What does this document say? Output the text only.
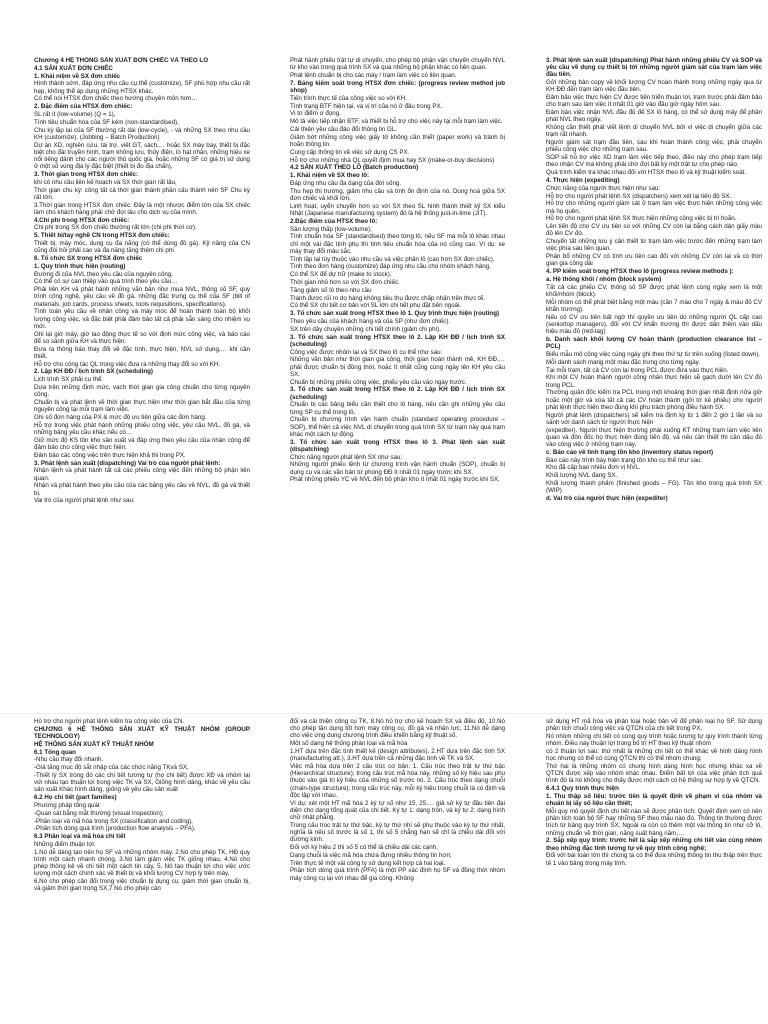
Chương 4 HỆ THỐNG SẢN XUẤT ĐƠN CHIẾC VÀ THEO LÔ

4.1 SẢN XUẤT ĐƠN CHIẾC

1. Khái niệm về SX đơn chiếc

Hình thành sớm, đáp ứng nhu cầu cụ thể (customize), SF phù hợp nhu cầu rất hẹp, không thể áp dụng những HTSX khác.

Có thể nói HTSX đơn chiếc theo hướng chuyên môn hơn…

2. Đặc điểm của HTSX đơn chiếc:

SL rất ít (low-volume) (Q = 1),

Tính tiêu chuẩn hóa của SF kém (non-standardised),

Chu kỳ lặp lại của SF thường rất dài (low-cycle), - và những SX theo nhu cầu KH (customize). (Jobbing – Batch Production)

Dự án XD, nghiên cứu, tài trợ, viết GT, sách,… hoặc SX máy bay, thiết bị đặc biệt cho đài truyền hình, trạm không lưu, thủy điện, lò hạt nhân, những hiệu xe nổi tiếng dành cho các người thủ quốc gia, hoặc những SF có giá trị sử dụng ở một số vùng địa lý đặc biệt (thiết bị đo địa chấn),

3. Thời gian trong HTSX đơn chiếc:

khi có nhu cầu liên kế hoạch và SX thời gian rất lâu,

Thời gian chu kỳ: công tất cả thời gian thành phần cấu thành nên SF Chu kỳ rất lớn.

3.Thời gian trong HTSX đơn chiếc: Đây là một nhược điểm lớn của SX chiếc làm cho khách hàng phải chờ đợi lâu cho dịch vụ của mình.

4.Chi phí trong HTSX đơn chiếc:

Chi phí trong SX đơn chiếc thường rất lớn (chi phí thời cơ).

5. Thiết bị/tay nghề CN trong HTSX đơn chiếc:

Thiết bị, máy móc, dụng cụ đa năng (có thể dùng đồ gá). Kỹ năng của CN cũng đòi hỏi phải cao và đa năng tăng thêm chi phí.

6. Tổ chức SX trong HTSX đơn chiếc

1. Quy trình thực hiện (routing)

Đường đi của NVL theo yêu cầu của nguyên công.

Có thể có sự can thiệp vào quá trình theo yêu cầu…

Phải liên KH và phát hành những văn bản như mua NVL, thông số SF, quy trình công nghệ, yêu cầu về đồ gá, những đặc trưng cụ thể của SF (bill of materials, job cards, process sheets, tools requisitions, specifications).

Tính toán yêu cầu về nhân công và máy móc để hoàn thành toàn bộ khối lượng công việc, và đặc biệt phải đảm bảo tất cả phải sẵn sàng cho nhiệm vụ mới.

Ghi lại giờ máy, giờ lao động thực tế so với định mức công việc, và báo cáo để so sánh giữa KH và thực hiện.

Đưa ra thông báo thay đổi về đặc tính, thực hiện, NVL sử dụng,… khi cần thiết.

Hỗ trợ cho công tác QL trong việc đưa ra những thay đổi so với KH.

2. Lập KH ĐĐ / lịch trình SX (scheduling)

Lịch trình SX phải cụ thể.

Dựa trên những định mức, vạch thời gian gia công chuẩn cho từng nguyên công.

Chuẩn bị và phát lệnh về thời gian thực hiện như thời gian bắt đầu của từng nguyên công tại mỗi trạm làm việc.

Ghi số đơn hàng của PX & mức độ ưu tiên giữa các đơn hàng.

Hỗ trợ trong việc phát hành những phiếu công việc, yêu cầu NVL, đồ gá, và những bảng yêu cầu khác nếu có…

Giữ mức độ KS tồn kho sản xuất và đáp ứng theo yêu cầu của nhân công để đảm bảo cho công việc thực hiện.

Đảm bảo các công việc trên thực hiện khả thi trong PX.

3. Phát lệnh sản xuất (dispatching) Vai trò của người phát lệnh:

Nhận lệnh và phát hành tất cả các phiếu công việc đến những bộ phận liên quan.

Nhận và phát hành theo yêu cầu của các bảng yêu cầu về NVL, đồ gá và thiết bị.

Vai trò của người phát lệnh như sau:

Phát hành phiếu trật tự di chuyển, cho phép bộ phận vận chuyển chuyển NVL từ kho vào trong quá trình SX và qua những bộ phận khác có liên quan.

Phát lệnh chuẩn bị cho các máy / trạm làm việc có liên quan.

7. Bảng kiểm soát trong HTSX đơn chiếc: (progress review method job shop)

Tiến trình thực tế của công việc so với KH.

Tính trạng BTF hiện tại, và vị trí của nó ở đâu trong PX.

Vị trí điểm ứ đọng.

Mô tả việc tiếp nhận BTF, và thiết bị hỗ trợ cho việc này tại mỗi trạm làm việc.

Cải thiện yêu cầu đáo đổi thông tin GL.

Giảm bớt những công việc giấy tờ không cần thiết (paper work) và tránh bị hoãn thông tin.

Cung cấp thông tin về việc sử dụng CS PX.

Hỗ trợ cho những nhà QL quyết định mua hay SX (make-or-buy decisions)

4.2 SẢN XUẤT THEO LÔ (Batch production)

1. Khái niệm về SX theo lô:

Đáp ứng nhu cầu đa dạng của đời sống.

Thu hẹp thị trường, giảm nhu cầu và tính ổn định của nó. Dung hoà giữa SX đơn chiếc và khối lớn,

Linh hoạt, uyển chuyển hơn so với SX theo SL hình thành thiết kỹ SX kiểu Nhật (Japanese manufacturing system) đó là hệ thống just-in-time (JIT).

2.Đặc điểm của HTSX theo lô:

Sản lượng thấp (low-volume);

Tính chuẩn hóa SF (standardised) theo từng lô, nếu SF mà mỗi lô khác nhau chỉ một vài đặc tính phụ thì tính tiêu chuẩn hóa của nó cũng cao. Ví dụ: xe máy thay đổi màu sắc.

Tính lặp lại tùy thuộc vào nhu cầu và việc phân lô (cao hơn SX đơn chiếc).

Tính theo đơn hàng (customize) đáp ứng nhu cầu cho nhóm khách hàng.

Có thể SX để dự trữ (make to stock).

Thời gian nhỏ hơn so với SX đơn chiếc.

Tăng giảm số lô theo nhu cầu

Tránh được rủi ro do hàng không tiêu thụ được chấp nhận trên thực tế.

Có thể SX chi tiết cơ bản với SL lớn chi tiết phụ đặt bên ngoài.

3. Tổ chức sản xuất trong HTSX theo lô 1. Quy trình thực hiện (routing)

Theo yêu cầu của khách hàng và của SP (như đơn chiếc).

SX trên dây chuyền những chi tiết chính (giảm chi phí).

3. Tổ chức sản xuất trong HTSX theo lô 2. Lập KH ĐĐ / lịch trình SX (scheduling)

Công việc được nhóm lại và SX theo lô cụ thể như sau:

Những văn bản như thời gian gia công, thời gian hoàn thành mẻ, KH ĐĐ,… phải được chuẩn bị đồng thời, hoặc ít nhất cũng cùng ngày lên KH yêu cầu SX.

Chuẩn bị những phiếu công việc, phiếu yêu cầu vào ngày trước.

3. Tổ chức sản xuất trong HTSX theo lô 2. Lập KH ĐĐ / lịch trình SX (scheduling)

Chuẩn bị các bảng biểu cần thiết cho lô hàng, nếu cần ghi những yêu cầu từng SP cụ thể trong lô.

Chuẩn bị chương trình vận hành chuẩn (standard operating procedure – SOP), thể hiện cả việc NVL di chuyển trong quá trình SX từ trạm này qua trạm khác một cách tự động.

3. Tổ chức sản xuất trong HTSX theo lô 3. Phát lệnh sản xuất (dispatching)

Chức năng người phát lệnh SX như sau:

Những người phiếu lệnh từ chương trình vận hành chuẩn (SOP), chuẩn bị dụng cụ và các văn bản từ phòng ĐĐ ít nhất 01 ngày trước khi SX.

Phát những phiếu YC về NVL đến bộ phận kho ít nhất 01 ngày trước khi SX.

3. Phát lệnh sản xuất (dispatching) Phát hành những phiếu CV và SOP và yêu cầu về dụng cụ thiết bị tới những người giám sát của trạm làm việc đầu tiên.

Gởi những bản copy về khối lượng CV hoàn thành trong những ngày qua từ KH ĐĐ đến trạm làm việc đầu tiên.

Đảm bảo việc thực hiện CV được tiến triển thuận lợi, trạm trước phải đảm bảo cho trạm sau làm việc ít nhất 01 giờ vào đầu giờ ngày hôm sau.

Đảm bảo việc nhận NVL đầu đủ để SX lô hàng, có thể sử dụng máy để phân phát NVL theo ngày.

Không cần thiết phát viết lệnh di chuyển NVL bởi vì việc di chuyển giữa các trạm rất nhanh.

Người giám sát trạm đầu tiên, sau khi hoàn thành công việc, phải chuyển phiếu công việc cho những trạm sau.

SOP sẽ hỗ trợ việc XD trạm làm việc tiếp theo, điều này cho phép trạm tiếp theo nhận CV mà không phải chờ đợi bất kỳ một trật tự cho phép nào.

Quá trình kiểm tra khác nhau đối với HTSX theo lô và kỹ thuật kiểm soát.

4. Thực hiện (expediting)

Chức năng của người thực hiện như sau:

Hỗ trợ cho người phát lệnh SX (dispatchers) xem xét lại tiến độ SX.

Hỗ trợ cho những người giám sát ở trạm làm việc thực hiện những công việc mà họ quên.

Hỗ trợ cho người phát lệnh SX thực hiện những công việc bị trì hoãn.

Lên tiến độ cho CV ưu tiên so với những CV còn lại bằng cách dán giấy màu đỏ lên CV đó.

Chuyển tất những lưu ý cần thiết từ trạm làm việc trước đến những trạm làm việc phía sau liên quan.

Phân bổ những CV có tính ưu tiên cao đối với những CV còn lại và có thời gian gia công dài

4. PP kiểm soát trong HTSX theo lô (progress review methods ):

a. Hệ thống khối / nhóm (block system)

Tất cả các phiếu CV, thông số SP được phát lệnh cùng ngày xem là một khối/nhóm (block).

Mỗi nhóm có thể phát biệt bằng một màu (cần 7 màu cho 7 ngày & màu đỏ CV khẩn trương).

Nếu có CV ưu tiên bất ngờ thì quyền ưu tiên do những người QL cấp cao (seniortop managers), đối với CV khẩn trương thì được dán thêm vào dấu hiệu màu đỏ (red-tag)

b. Danh sách khối lượng CV hoàn thành (production clearance list – PCL)

Biểu mẫu mô công việc cùng ngày ghi theo thứ tự từ trên xuống (listed down).

Mỗi danh sách mang một màu đặc trưng cho từng ngày.

Tại mỗi trạm, tất cả CV còn lại trong PCL được đưa vào thực hiện.

Khi một CV hoàn thành người công nhân thực hiện sẽ gạch dưới tên CV đó trong PCL.

Thường quản đốc kiểm tra PCL trong một khoảng thời gian nhất định nửa giờ hoặc một giờ và xóa tất cả các CV hoàn thành (gởi tờ kê phiếu) cho người phát lệnh thực hiện theo đúng khi phụ trách phòng điều hành SX.

Người phát lệnh (dispatchers) sẽ kiểm tra định kỳ từ 1 đến 2 giờ 1 lần và so sánh với danh sách từ người thực hiện

(expediter). Người thực hiện thường phải xuống KT những trạm làm việc liên quan và đôn đốc họ thực hiện đúng tiến độ, và nếu cần thiết thì cần dấu đỏ vào công việc ở những trạm này.

c. Báo cáo về tình trạng tồn kho (inventory status report)

Báo cáo này trình bày hiện trạng tồn kho cụ thể như sau:

Kho đã cấp bao nhiêu đơn vị NVL.

Khối lượng NVL đang SX.

Khối lượng thành phẩm (finished goods – FG). Tồn kho trong quá trình SX (WIP)

d. Vai trò của người thực hiện (expediter)

Hỗ trợ cho người phát lệnh kiểm tra công việc của CN.

CHƯƠNG 6 HỆ THỐNG SẢN XUẤT KỸ THUẬT NHÓM (GROUP TECHNOLOGY)

HỆ THỐNG SẢN XUẤT KỸ THUẬT NHÓM

6.1 Tổng quan

-Nhu cầu thay đổi nhanh.

-Giá tăng mục độ sắt nhập của các chức năng TKvà SX,

-Thiết lý SX trong đó các chi tiết tương tự (họ chi tiết) được XĐ và nhóm lại với nhau tạo thuận lợi trong việc TK và SX, Giống hình dáng, khác về yêu cầu sản xuất Khác hình dáng, giống về yêu cầu sản xuất

6.2 Họ chi tiết (part families)

Phương pháp tổng quát

-Quan sát bằng mắt thường (visual inspection);

-Phân loại và mã hóa trong SX (classification and coding),

-Phân tích dòng quá trình (production flow analysis – PFA).

6.3 Phân loại và mã hóa chi tiết

Những điểm thuận lợi:

1.Nó dễ dàng tạo nên họ SF và những nhóm máy. 2.Nó cho phép TK, HĐ quy trình một cách nhanh chóng, 3.Nó làm giảm việc TK giống nhau. 4.Nó cho phép thông kê về chi tiết một cách tin cậy, 5. Nó tạo thuận lợi cho việc ước lượng một cách chính xác về thiết bị và khối lượng CV hợp lý trên máy,

6.Nó cho phép cân đối trong việc chuẩn bị dụng cụ, giảm thời gian chuẩn bị, và giảm thời gian trong SX,7.Nó cho phép cân

đối và cải thiện công cụ TK, 8.Nó hỗ trợ cho kế hoạch SX và điều độ, 10.Nó cho phép tận dụng tốt hơn máy công cụ, đồ gá và nhân lực, 11.Nó dễ dàng cho việc ứng dụng chương trình điều khiển bằng kỹ thuật số.

Một số dạng hệ thống phân loại và mã hóa

1.HT dựa trên đặc tính thiết kế (design attributes), 2.HT dựa trên đặc tính SX (manufacturing att.), 3.HT dựa trên cả những đặc tính về TK và SX.

Việc mã hóa dựa trên 2 cấu trúc cơ bản: 1. Cấu trúc theo trật tự thứ bậc (Hierarchical structure); trong cấu trúc mã hóa này, những số ký hiệu sau phụ thuộc vào giá trị ký hiệu của những số trước nó. 2. Cấu trúc theo dạng chuỗi (chain-type structure); trong cấu trúc này, mỗi ký hiệu trong chuỗi là có định và độc lập với nhau.

Ví dụ: xét một HT mã hóa 2 ký tự số như 15, 25,… giả sử ký tự đầu tiên đại diện cho dạng tổng quát của chi tiết. Ký tự 1: dạng tròn, và ký tự 2: dạng hình chữ nhật phẳng.

Trong cấu trúc trật tự thứ bậc, ký tự thứ nhì sẽ phụ thuộc vào ký tự thứ nhất, nghĩa là nếu số trước là số 1, thì số 5 chẳng hạn sẽ chỉ là chiều dài đối với đường kính.

Đối với ký hiệu 2 thì số 5 có thể là chiều dài các cạnh.

Dạng chuỗi là việc mã hóa chứa đựng nhiều thông tin hơn;

Trên thực tế một vài công ty sử dụng kết hợp cả hai loại.

Phân tích dòng quá trình (PFA) là một PP xác định họ SF và đồng thời nhóm máy công cụ lại với nhau để gia công. Không

sử dụng HT mã hóa và phân loại hoặc bản vẽ để phân loại họ SF. Sử dụng phân tích chuỗi công việc và QTCN của chi tiết trong PX,

Nó nhóm những chi tiết có cùng quy trình hoặc tương tự quy trình thành từng nhóm. Điều này thuận lợi trong bố trí HT theo kỹ thuật nhóm

có 2 thuận lợi sau: thứ nhất là những chi tiết có thể khác về hình dáng hình học nhưng có thể có cùng QTCN thì có thể nhóm chung;

Thứ hai là những nhóm có chung hình dáng hình học nhưng khác xa về QTCN được xếp vào nhóm khác nhau. Điểm bất lợi của việc phân tích quá trình đó là nó không cho thấy được một cách có hệ thống sự hợp lý về QTCN.

6.4.1 Quy trình thực hiện

1. Thu thập số liệu: trước tiên là quyết định về phạm vi của nhóm và chuẩn bị lấy số liệu cần thiết;

Mỗi quy mô quyết định chi tiết nào sẽ được phân tích; Quyết định xem có nên phân tích toàn bộ SF hay những SF theo mẫu nào đó. Thông tin thường được trích từ bảng quy trình SX; Ngoài ra còn có thêm một vài thông tin như cỡ lô, những chuẩn về thời gian, năng suất hàng năm,…

2. Sắp xếp quy trình: trước hết là sắp xếp những chi tiết vào cùng nhóm theo những đặc tính tương tự về quy trình công nghệ;

Đối với bài toán lớn thì chúng ta có thể đưa những thông tin thu thập trên thực tế 1 vào bảng trong máy tính.
